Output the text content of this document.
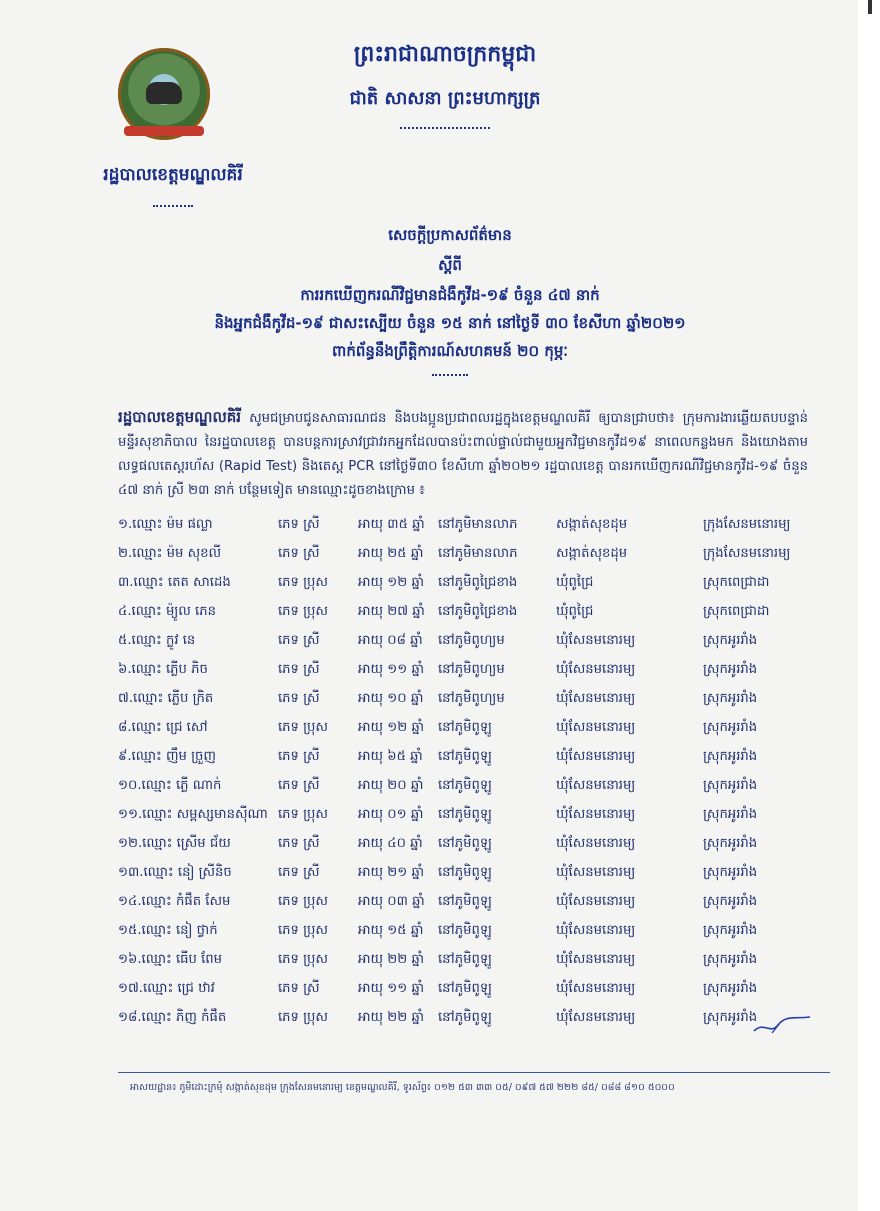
ព្រះរាជាណាចក្រកម្ពុជា
ជាតិ សាសនា ព្រះមហាក្សត្រ
រដ្ឋបាលខេត្តមណ្ឌលគិរី
សេចក្តីប្រកាសព័ត៌មាន
ស្តីពី
ការរកឃើញករណីវិជ្ជមានជំងឺកូវីដ-១៩ ចំនួន ៤៧ នាក់
និងអ្នកជំងឺកូវីដ-១៩ ជាសះស្បើយ ចំនួន ១៥ នាក់ នៅថ្ងៃទី ៣០ ខែសីហា ឆ្នាំ២០២១
ពាក់ព័ន្ធនឹងព្រឹត្តិការណ៍សហគមន៍ ២០ កុម្ភៈ
រដ្ឋបាលខេត្តមណ្ឌលគិរី សូមជម្រាបជូនសាធារណជន និងបងប្អូនប្រជាពលរដ្ឋក្នុងខេត្តមណ្ឌលគិរី ឲ្យបានជ្រាបថា៖ ក្រុមការងារឆ្លើយតបបន្ទាន់មន្ទីរសុខាភិបាល នៃរដ្ឋបាលខេត្ត បានបន្តការស្រាវជ្រាវរកអ្នកដែលបានប៉ះពាល់ផ្ទាល់ជាមួយអ្នកវិជ្ជមានកូវីដ១៩ នាពេលកន្លងមក និងយោងតាមលទ្ធផលតេស្តរហ័ស (Rapid Test) និងតេស្ត PCR នៅថ្ងៃទី៣០ ខែសីហា ឆ្នាំ២០២១ រដ្ឋបាលខេត្ត បានរកឃើញករណីវិជ្ជមានកូវីដ-១៩ ចំនួន ៤៧ នាក់ ស្រី ២៣ នាក់ បន្ថែមទៀត មានឈ្មោះដូចខាងក្រោម ៖
១.ឈ្មោះ ម៉ម ផល្លា	ភេទ ស្រី	អាយុ ៣៥ ឆ្នាំ នៅភូមិមានលាភ	សង្កាត់សុខដុម	ក្រុងសែនមនោរម្យ
២.ឈ្មោះ ម៉ម សុខលី	ភេទ ស្រី	អាយុ ២៥ ឆ្នាំ នៅភូមិមានលាភ	សង្កាត់សុខដុម	ក្រុងសែនមនោរម្យ
៣.ឈ្មោះ តេត សាដេង	ភេទ ប្រុស អាយុ ១២ ឆ្នាំ នៅភូមិពូជ្រៃខាង	ឃុំពូជ្រៃ	ស្រុកពេជ្រាដា
៤.ឈ្មោះ ម៉្យូល ភេន	ភេទ ប្រុស អាយុ ២៧ ឆ្នាំ នៅភូមិពូជ្រៃខាង	ឃុំពូជ្រៃ	ស្រុកពេជ្រាដា
៥.ឈ្មោះ ក្លូវ នេ	ភេទ ស្រី	អាយុ ០៨ ឆ្នាំ នៅភូមិពូហ្យម	ឃុំសែនមនោរម្យ	ស្រុកអូររាំង
៦.ឈ្មោះ ភ្លើប ភិច	ភេទ ស្រី	អាយុ ១១ ឆ្នាំ នៅភូមិពូហ្យម	ឃុំសែនមនោរម្យ	ស្រុកអូររាំង
៧.ឈ្មោះ ភ្លើប ក្រិត	ភេទ ស្រី	អាយុ ១០ ឆ្នាំ នៅភូមិពូហ្យម	ឃុំសែនមនោរម្យ	ស្រុកអូររាំង
៨.ឈ្មោះ ជ្រេ សៅ	ភេទ ប្រុស អាយុ ១២ ឆ្នាំ នៅភូមិពូឡូ	ឃុំសែនមនោរម្យ	ស្រុកអូររាំង
៩.ឈ្មោះ ញឹម ច្រួញ	ភេទ ស្រី	អាយុ ៦៥ ឆ្នាំ នៅភូមិពូឡូ	ឃុំសែនមនោរម្យ	ស្រុកអូររាំង
១០.ឈ្មោះ ភ្លើ ណាក់	ភេទ ស្រី	អាយុ ២០ ឆ្នាំ នៅភូមិពូឡូ	ឃុំសែនមនោរម្យ	ស្រុកអូររាំង
១១.ឈ្មោះ សម្ពស្សមានស៊ីណា ភេទ ប្រុស អាយុ ០១ ឆ្នាំ នៅភូមិពូឡូ	ឃុំសែនមនោរម្យ	ស្រុកអូររាំង
១២.ឈ្មោះ ស្រើម ជ័យ	ភេទ ស្រី	អាយុ ៤០ ឆ្នាំ នៅភូមិពូឡូ	ឃុំសែនមនោរម្យ	ស្រុកអូររាំង
១៣.ឈ្មោះ នៀ ស្រីនិច	ភេទ ស្រី	អាយុ ២១ ឆ្នាំ នៅភូមិពូឡូ	ឃុំសែនមនោរម្យ	ស្រុកអូររាំង
១៤.ឈ្មោះ កំផឹត សែម	ភេទ ប្រុស អាយុ ០៣ ឆ្នាំ នៅភូមិពូឡូ	ឃុំសែនមនោរម្យ	ស្រុកអូររាំង
១៥.ឈ្មោះ នៀ ថ្វាក់	ភេទ ប្រុស អាយុ ១៥ ឆ្នាំ នៅភូមិពូឡូ	ឃុំសែនមនោរម្យ	ស្រុកអូររាំង
១៦.ឈ្មោះ ធើប ពែម	ភេទ ប្រុស អាយុ ២២ ឆ្នាំ នៅភូមិពូឡូ	ឃុំសែនមនោរម្យ	ស្រុកអូររាំង
១៧.ឈ្មោះ ជ្រេ ឋាវ	ភេទ ស្រី	អាយុ ១១ ឆ្នាំ នៅភូមិពូឡូ	ឃុំសែនមនោរម្យ	ស្រុកអូររាំង
១៨.ឈ្មោះ ភិញ កំផឹត	ភេទ ប្រុស អាយុ ២២ ឆ្នាំ នៅភូមិពូឡូ	ឃុំសែនមនោរម្យ	ស្រុកអូររាំង
អាសយដ្ឋាន៖ ភូមិដោះក្រមុំ សង្កាត់សុខដុម ក្រុងសែនមនោរម្យ ខេត្តមណ្ឌលគិរី, ទូរស័ព្ទ៖ ០១២ ៥៣ ៣៣ ០៥/ ០៩៧ ៥៧ ២២២ ៨៥/ ០៨៨ ៨១០ ៥០០០
